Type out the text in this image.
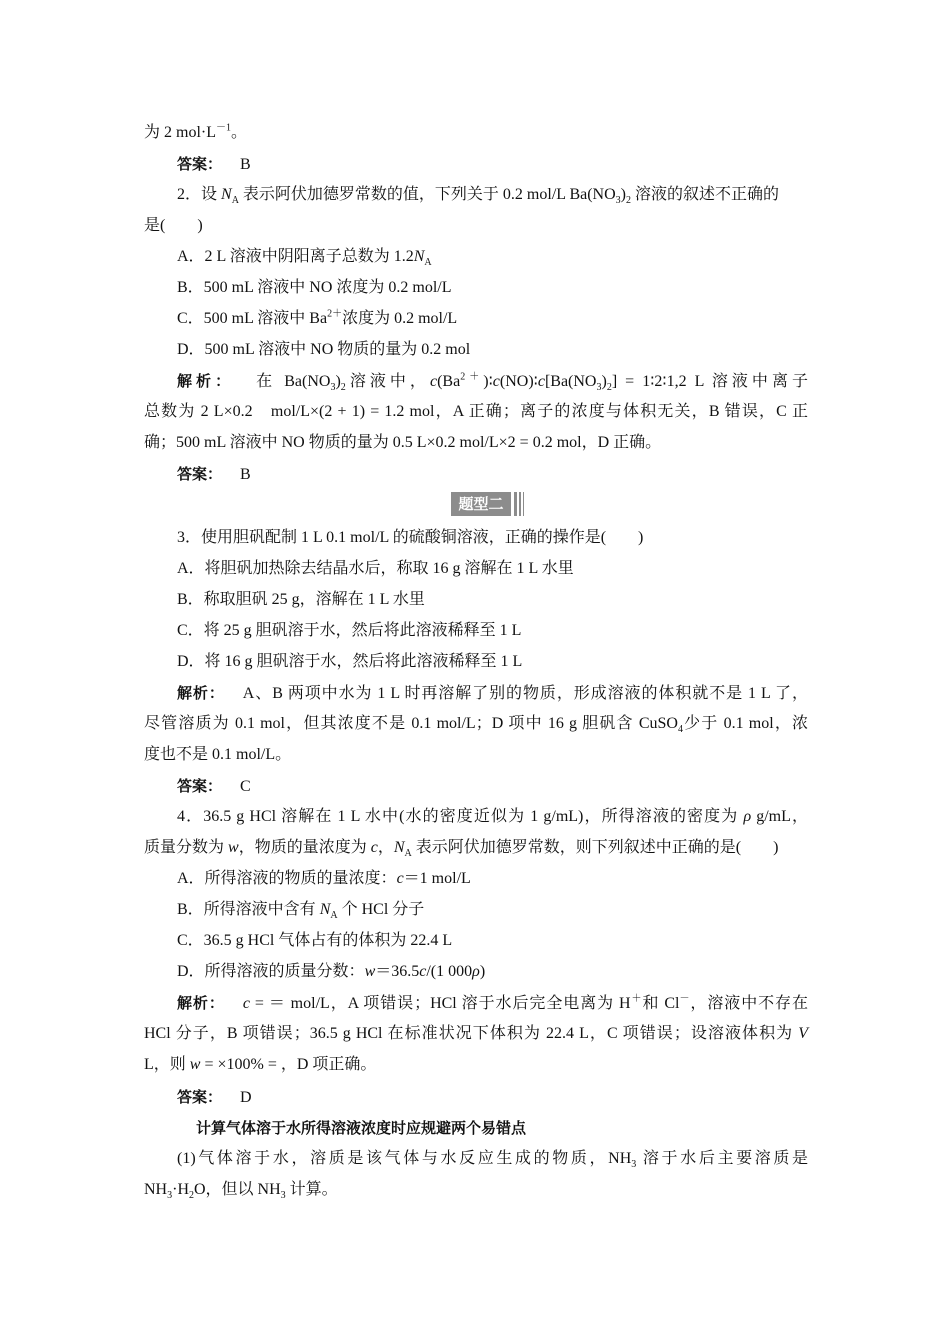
为 2 $mol\cdot L^{-1}$。
答案： B
2．设 $N_A$ 表示阿伏加德罗常数的值，下列关于 0.2 mol/L $Ba(NO_3)_2$ 溶液的叙述不正确的
是(　　)
A．2 L 溶液中阴阳离子总数为 $1.2N_A$
B．500 mL 溶液中 NO 浓度为 0.2 mol/L
C．500 mL 溶液中 $Ba^{2+}$浓度为 0.2 mol/L
D．500 mL 溶液中 NO 物质的量为 0.2 mol
解析： 在 $Ba(NO_3)_2$溶液中，$c(Ba^{2+})∶c(NO)∶c[Ba(NO_3)_2]$ = 1∶2∶1,2 L 溶液中离子
总数为 2 L×0.2　mol/L×(2 + 1) = 1.2 mol，A 正确；离子的浓度与体积无关，B 错误，C 正
确；500 mL 溶液中 NO 物质的量为 0.5 L×0.2 mol/L×2 = 0.2 mol，D 正确。
答案： B
题型二
3．使用胆矾配制 1 L 0.1 mol/L 的硫酸铜溶液，正确的操作是(　　)
A．将胆矾加热除去结晶水后，称取 16 g 溶解在 1 L 水里
B．称取胆矾 25 g，溶解在 1 L 水里
C．将 25 g 胆矾溶于水，然后将此溶液稀释至 1 L
D．将 16 g 胆矾溶于水，然后将此溶液稀释至 1 L
解析： A、B 两项中水为 1 L 时再溶解了别的物质，形成溶液的体积就不是 1 L 了，
尽管溶质为 0.1 mol，但其浓度不是 0.1 mol/L；D 项中 16 g 胆矾含 CuSO$_4$少于 0.1 mol，浓
度也不是 0.1 mol/L。
答案： C
4．36.5 g HCl 溶解在 1 L 水中(水的密度近似为 1 g/mL)，所得溶液的密度为 ρ g/mL，
质量分数为 w，物质的量浓度为 c，$N_A$ 表示阿伏加德罗常数，则下列叙述中正确的是(　　)
A．所得溶液的物质的量浓度：c＝1 mol/L
B．所得溶液中含有 $N_A$ 个 HCl 分子
C．36.5 g HCl 气体占有的体积为 22.4 L
D．所得溶液的质量分数：w＝36.5c/(1 000ρ)
解析： c = ＝ mol/L，A 项错误；HCl 溶于水后完全电离为 H＋和 Cl－，溶液中不存在
HCl 分子，B 项错误；36.5 g HCl 在标准状况下体积为 22.4 L，C 项错误；设溶液体积为 V
L，则 w = ×100% = ，D 项正确。
答案： D
计算气体溶于水所得溶液浓度时应规避两个易错点
(1)气体溶于水，溶质是该气体与水反应生成的物质，$NH_3$ 溶于水后主要溶质是
$NH_3\cdot H_2O$，但以 $NH_3$ 计算。
